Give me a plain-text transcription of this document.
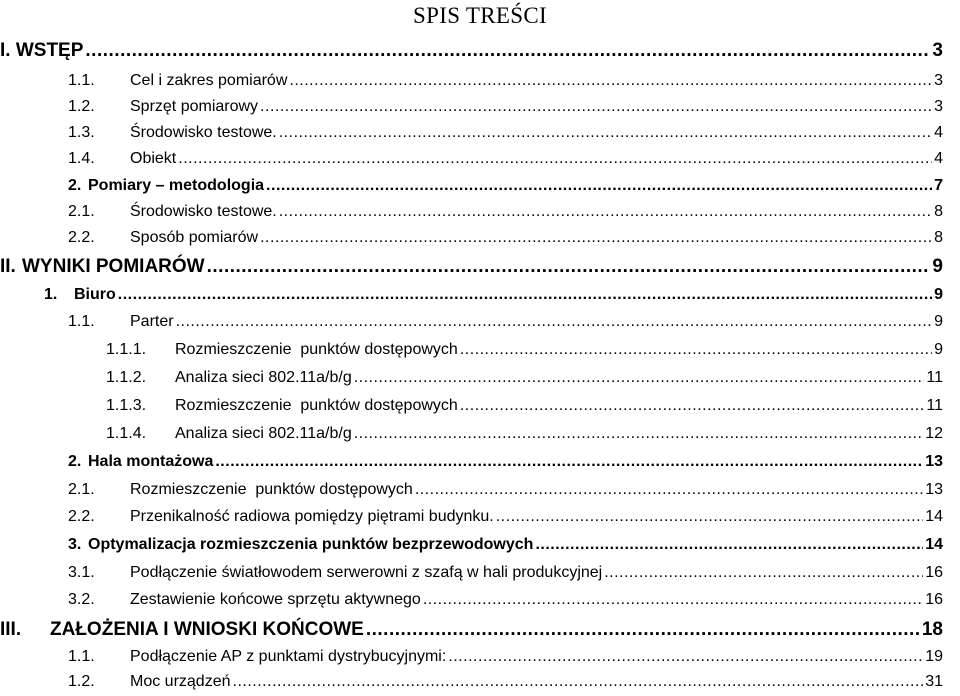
SPIS TREŚCI
I. WSTĘP .....	3
1.1.	Cel i zakres pomiarów .....	3
1.2.	Sprzęt pomiarowy .....	3
1.3.	Środowisko testowe. .....	4
1.4.	Obiekt .....	4
2. Pomiary – metodologia .....	7
2.1.	Środowisko testowe. .....	8
2.2.	Sposób pomiarów .....	8
II. WYNIKI POMIARÓW .....	9
1.	Biuro .....	9
1.1.	Parter .....	9
1.1.1.	Rozmieszczenie  punktów dostępowych .....	9
1.1.2.	Analiza sieci 802.11a/b/g .....	11
1.1.3.	Rozmieszczenie  punktów dostępowych .....	11
1.1.4.	Analiza sieci 802.11a/b/g .....	12
2. Hala montażowa .....	13
2.1.	Rozmieszczenie  punktów dostępowych .....	13
2.2.	Przenikalność radiowa pomiędzy piętrami budynku. .....	14
3. Optymalizacja rozmieszczenia punktów bezprzewodowych .....	14
3.1.	Podłączenie światłowodem serwerowni z szafą w hali produkcyjnej .....	16
3.2.	Zestawienie końcowe sprzętu aktywnego .....	16
III.	ZAŁOŻENIA I WNIOSKI KOŃCOWE .....	18
1.1.	Podłączenie AP z punktami dystrybucyjnymi: .....	19
1.2.	Moc urządzeń .....	31
